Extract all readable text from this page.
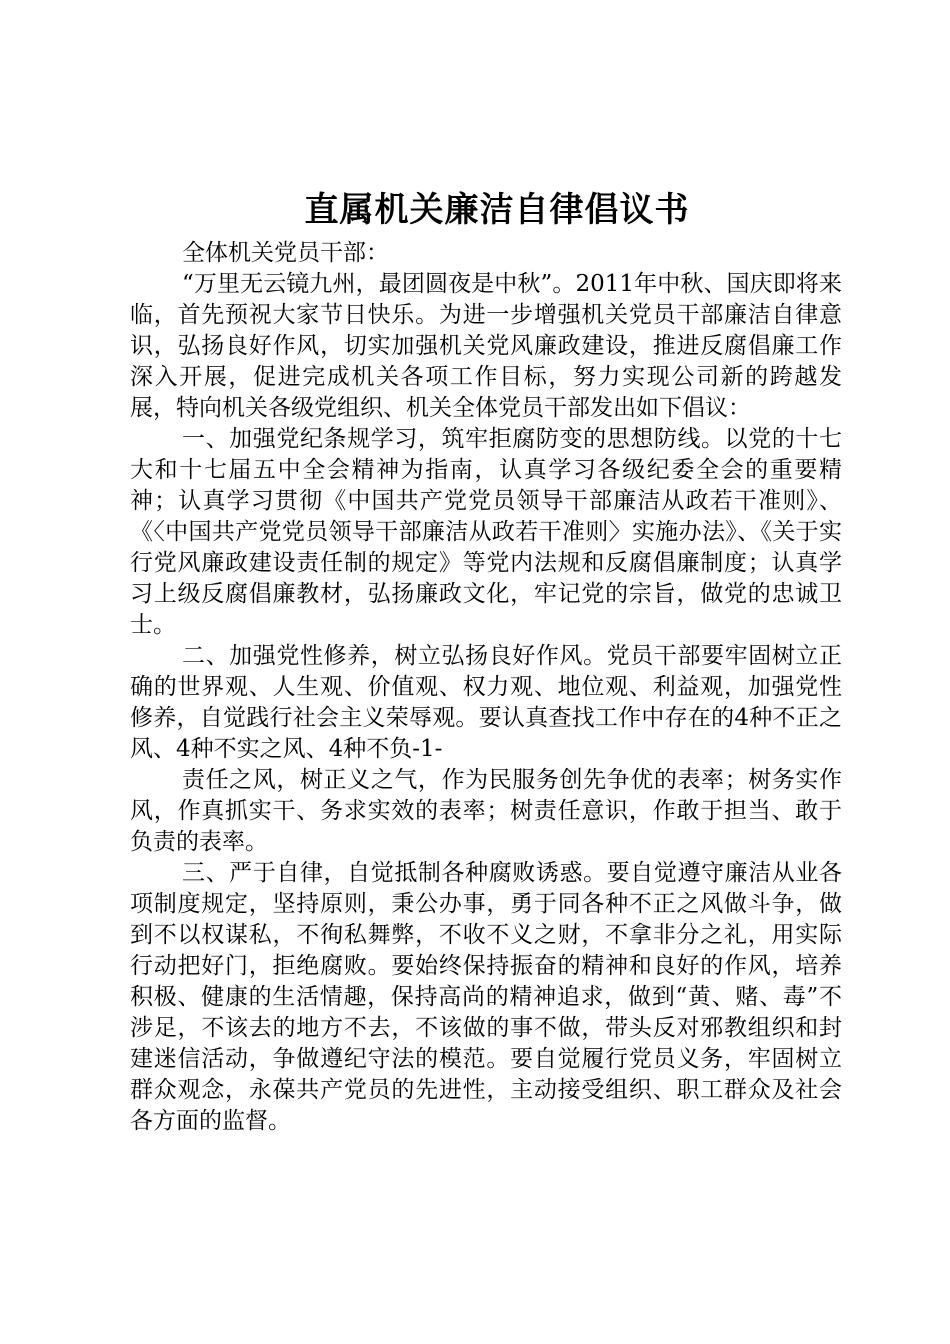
直属机关廉洁自律倡议书

全体机关党员干部：

“万里无云镜九州，最团圆夜是中秋”。2011年中秋、国庆即将来临，首先预祝大家节日快乐。为进一步增强机关党员干部廉洁自律意识，弘扬良好作风，切实加强机关党风廉政建设，推进反腐倡廉工作深入开展，促进完成机关各项工作目标，努力实现公司新的跨越发展，特向机关各级党组织、机关全体党员干部发出如下倡议：

一、加强党纪条规学习，筑牢拒腐防变的思想防线。以党的十七大和十七届五中全会精神为指南，认真学习各级纪委全会的重要精神；认真学习贯彻《中国共产党党员领导干部廉洁从政若干准则》、《〈中国共产党党员领导干部廉洁从政若干准则〉实施办法》、《关于实行党风廉政建设责任制的规定》等党内法规和反腐倡廉制度；认真学习上级反腐倡廉教材，弘扬廉政文化，牢记党的宗旨，做党的忠诚卫士。

二、加强党性修养，树立弘扬良好作风。党员干部要牢固树立正确的世界观、人生观、价值观、权力观、地位观、利益观，加强党性修养，自觉践行社会主义荣辱观。要认真查找工作中存在的4种不正之风、4种不实之风、4种不负-1-

责任之风，树正义之气，作为民服务创先争优的表率；树务实作风，作真抓实干、务求实效的表率；树责任意识，作敢于担当、敢于负责的表率。

三、严于自律，自觉抵制各种腐败诱惑。要自觉遵守廉洁从业各项制度规定，坚持原则，秉公办事，勇于同各种不正之风做斗争，做到不以权谋私，不徇私舞弊，不收不义之财，不拿非分之礼，用实际行动把好门，拒绝腐败。要始终保持振奋的精神和良好的作风，培养积极、健康的生活情趣，保持高尚的精神追求，做到“黄、赌、毒”不涉足，不该去的地方不去，不该做的事不做，带头反对邪教组织和封建迷信活动，争做遵纪守法的模范。要自觉履行党员义务，牢固树立群众观念，永葆共产党员的先进性，主动接受组织、职工群众及社会各方面的监督。
